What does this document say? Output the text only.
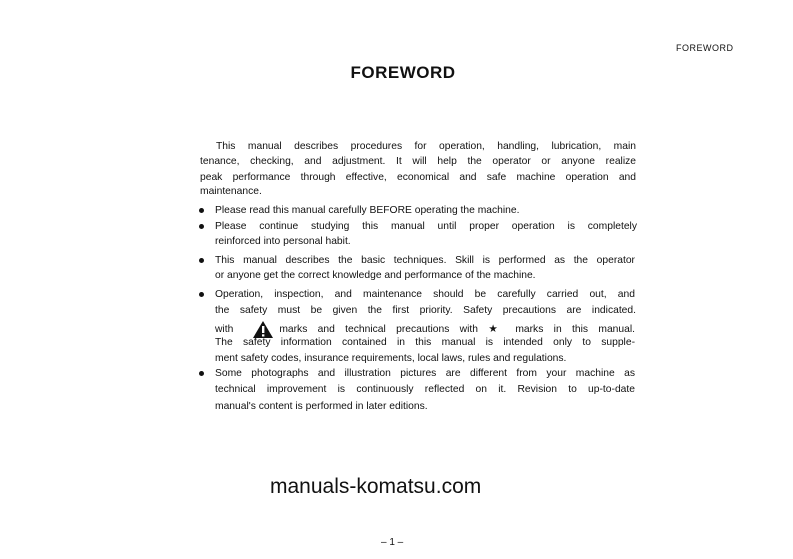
FOREWORD
FOREWORD
This manual describes procedures for operation, handling, lubrication, main
tenance, checking, and adjustment. It will help the operator or anyone realize
peak performance through effective, economical and safe machine operation and
maintenance.
Please read this manual carefully BEFORE operating the machine.
Please continue studying this manual until proper operation is completely
reinforced into personal habit.
This manual describes the basic techniques. Skill is performed as the operator
or anyone get the correct knowledge and performance of the machine.
Operation, inspection, and maintenance should be carefully carried out, and
the safety must be given the first priority. Safety precautions are indicated.
with	marks and technical precautions with ★ marks in this manual.
The safety information contained in this manual is intended only to supple-
ment safety codes, insurance requirements, local laws, rules and regulations.
Some photographs and illustration pictures are different from your machine as
technical improvement is continuously reflected on it. Revision to up-to-date
manual's content is performed in later editions.
manuals-komatsu.com
– 1 –
